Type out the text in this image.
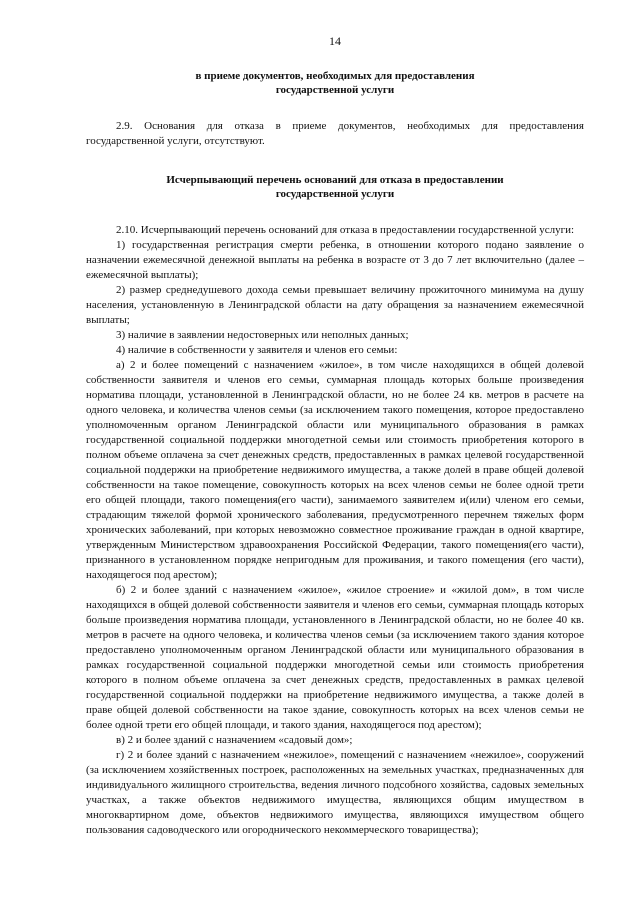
14
в приеме документов, необходимых для предоставления
государственной услуги

2.9. Основания для отказа в приеме документов, необходимых для предоставления государственной услуги, отсутствуют.

Исчерпывающий перечень оснований для отказа в предоставлении
государственной услуги

2.10. Исчерпывающий перечень оснований для отказа в предоставлении государственной услуги:

1) государственная регистрация смерти ребенка, в отношении которого подано заявление о назначении ежемесячной денежной выплаты на ребенка в возрасте от 3 до 7 лет включительно (далее – ежемесячной выплаты);

2) размер среднедушевого дохода семьи превышает величину прожиточного минимума на душу населения, установленную в Ленинградской области на дату обращения за назначением ежемесячной выплаты;

3) наличие в заявлении недостоверных или неполных данных;

4) наличие в собственности у заявителя и членов его семьи:

а) 2 и более помещений с назначением «жилое», в том числе находящихся в общей долевой собственности заявителя и членов его семьи, суммарная площадь которых больше произведения норматива площади, установленной в Ленинградской области, но не более 24 кв. метров в расчете на одного человека, и количества членов семьи (за исключением такого помещения, которое предоставлено уполномоченным органом Ленинградской области или муниципального образования в рамках государственной социальной поддержки многодетной семьи или стоимость приобретения которого в полном объеме оплачена за счет денежных средств, предоставленных в рамках целевой государственной социальной поддержки на приобретение недвижимого имущества, а также долей в праве общей долевой собственности на такое помещение, совокупность которых на всех членов семьи не более одной трети его общей площади, такого помещения(его части), занимаемого заявителем и(или) членом его семьи, страдающим тяжелой формой хронического заболевания, предусмотренного перечнем тяжелых форм хронических заболеваний, при которых невозможно совместное проживание граждан в одной квартире, утвержденным Министерством здравоохранения Российской Федерации, такого помещения(его части), признанного в установленном порядке непригодным для проживания, и такого помещения (его части), находящегося под арестом);

б) 2 и более зданий с назначением «жилое», «жилое строение» и «жилой дом», в том числе находящихся в общей долевой собственности заявителя и членов его семьи, суммарная площадь которых больше произведения норматива площади, установленного в Ленинградской области, но не более 40 кв. метров в расчете на одного человека, и количества членов семьи (за исключением такого здания которое предоставлено уполномоченным органом Ленинградской области или муниципального образования в рамках государственной социальной поддержки многодетной семьи или стоимость приобретения которого в полном объеме оплачена за счет денежных средств, предоставленных в рамках целевой государственной социальной поддержки на приобретение недвижимого имущества, а также долей в праве общей долевой собственности на такое здание, совокупность которых на всех членов семьи не более одной трети его общей площади, и такого здания, находящегося под арестом);

в) 2 и более зданий с назначением «садовый дом»;

г) 2 и более зданий с назначением «нежилое», помещений с назначением «нежилое», сооружений (за исключением хозяйственных построек, расположенных на земельных участках, предназначенных для индивидуального жилищного строительства, ведения личного подсобного хозяйства, садовых земельных участках, а также объектов недвижимого имущества, являющихся общим имуществом в многоквартирном доме, объектов недвижимого имущества, являющихся имуществом общего пользования садоводческого или огороднического некоммерческого товарищества);
